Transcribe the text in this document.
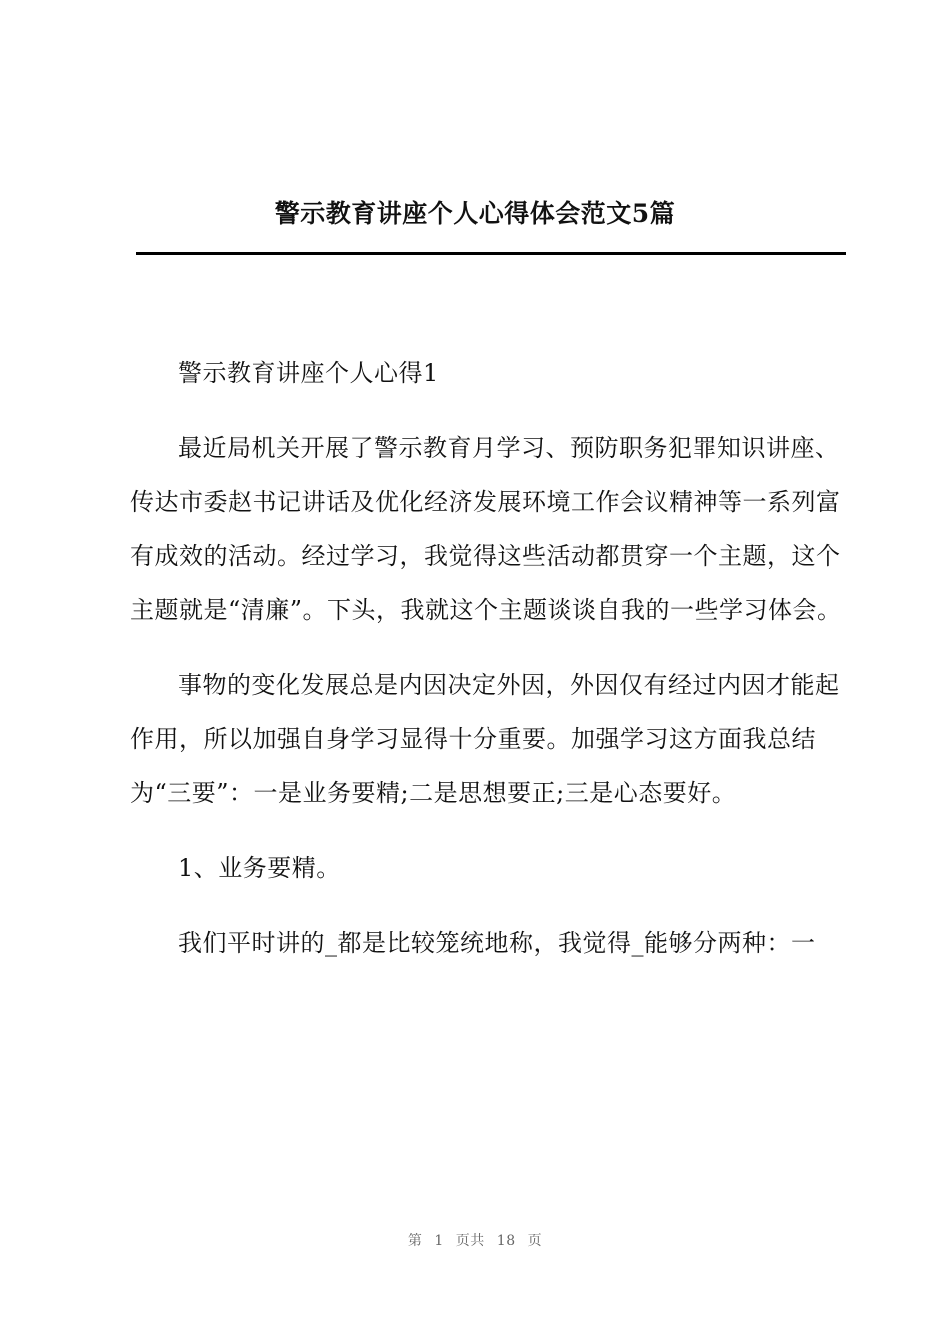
警示教育讲座个人心得体会范文5篇

警示教育讲座个人心得1

最近局机关开展了警示教育月学习、预防职务犯罪知识讲座、传达市委赵书记讲话及优化经济发展环境工作会议精神等一系列富有成效的活动。经过学习，我觉得这些活动都贯穿一个主题，这个主题就是“清廉”。下头，我就这个主题谈谈自我的一些学习体会。

事物的变化发展总是内因决定外因，外因仅有经过内因才能起作用，所以加强自身学习显得十分重要。加强学习这方面我总结为“三要”：一是业务要精;二是思想要正;三是心态要好。

1、业务要精。

我们平时讲的_都是比较笼统地称，我觉得_能够分两种：一

第 1 页共 18 页
